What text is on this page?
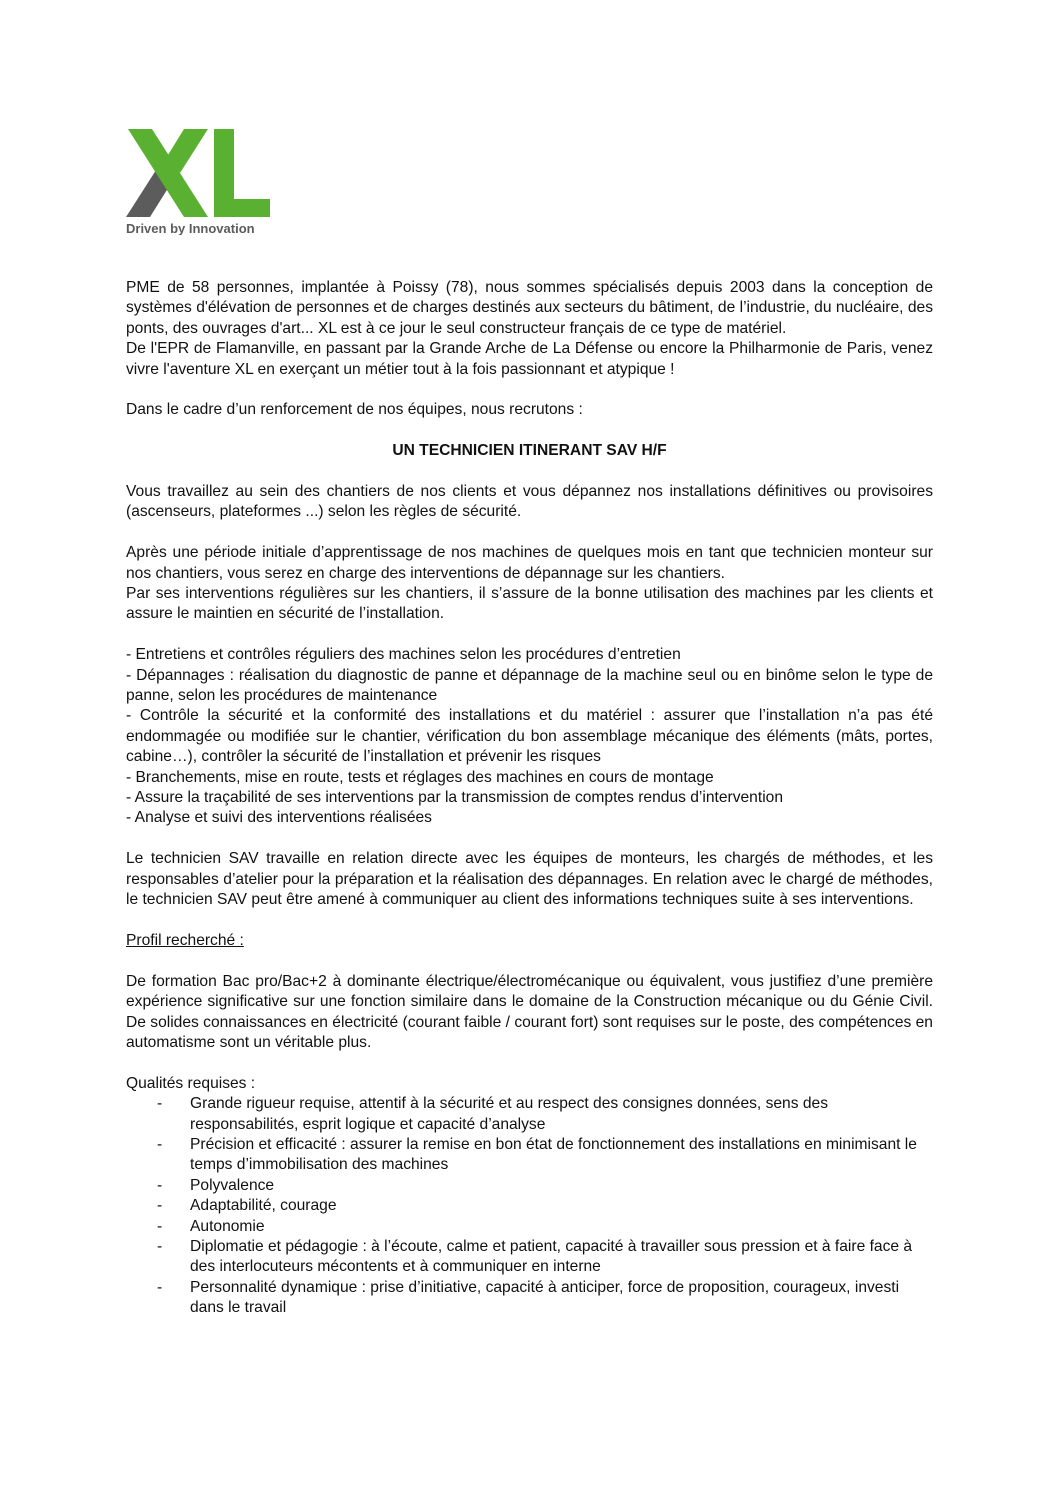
Driven by Innovation

PME de 58 personnes, implantée à Poissy (78), nous sommes spécialisés depuis 2003 dans la conception de systèmes d'élévation de personnes et de charges destinés aux secteurs du bâtiment, de l’industrie, du nucléaire, des ponts, des ouvrages d'art... XL est à ce jour le seul constructeur français de ce type de matériel.

De l'EPR de Flamanville, en passant par la Grande Arche de La Défense ou encore la Philharmonie de Paris, venez vivre l'aventure XL en exerçant un métier tout à la fois passionnant et atypique !

Dans le cadre d’un renforcement de nos équipes, nous recrutons :

UN TECHNICIEN ITINERANT SAV H/F

Vous travaillez au sein des chantiers de nos clients et vous dépannez nos installations définitives ou provisoires (ascenseurs, plateformes ...) selon les règles de sécurité.

Après une période initiale d’apprentissage de nos machines de quelques mois en tant que technicien monteur sur nos chantiers, vous serez en charge des interventions de dépannage sur les chantiers.

Par ses interventions régulières sur les chantiers, il s’assure de la bonne utilisation des machines par les clients et assure le maintien en sécurité de l’installation.

- Entretiens et contrôles réguliers des machines selon les procédures d’entretien

- Dépannages : réalisation du diagnostic de panne et dépannage de la machine seul ou en binôme selon le type de panne, selon les procédures de maintenance

- Contrôle la sécurité et la conformité des installations et du matériel : assurer que l’installation n’a pas été endommagée ou modifiée sur le chantier, vérification du bon assemblage mécanique des éléments (mâts, portes, cabine…), contrôler la sécurité de l’installation et prévenir les risques

- Branchements, mise en route, tests et réglages des machines en cours de montage

- Assure la traçabilité de ses interventions par la transmission de comptes rendus d’intervention

- Analyse et suivi des interventions réalisées

Le technicien SAV travaille en relation directe avec les équipes de monteurs, les chargés de méthodes, et les responsables d’atelier pour la préparation et la réalisation des dépannages. En relation avec le chargé de méthodes, le technicien SAV peut être amené à communiquer au client des informations techniques suite à ses interventions.

Profil recherché :

De formation Bac pro/Bac+2 à dominante électrique/électromécanique ou équivalent, vous justifiez d’une première expérience significative sur une fonction similaire dans le domaine de la Construction mécanique ou du Génie Civil. De solides connaissances en électricité (courant faible / courant fort) sont requises sur le poste, des compétences en automatisme sont un véritable plus.

Qualités requises :

- Grande rigueur requise, attentif à la sécurité et au respect des consignes données, sens des responsabilités, esprit logique et capacité d’analyse
- Précision et efficacité : assurer la remise en bon état de fonctionnement des installations en minimisant le temps d’immobilisation des machines
- Polyvalence
- Adaptabilité, courage
- Autonomie
- Diplomatie et pédagogie : à l’écoute, calme et patient, capacité à travailler sous pression et à faire face à des interlocuteurs mécontents et à communiquer en interne
- Personnalité dynamique : prise d’initiative, capacité à anticiper, force de proposition, courageux, investi dans le travail
